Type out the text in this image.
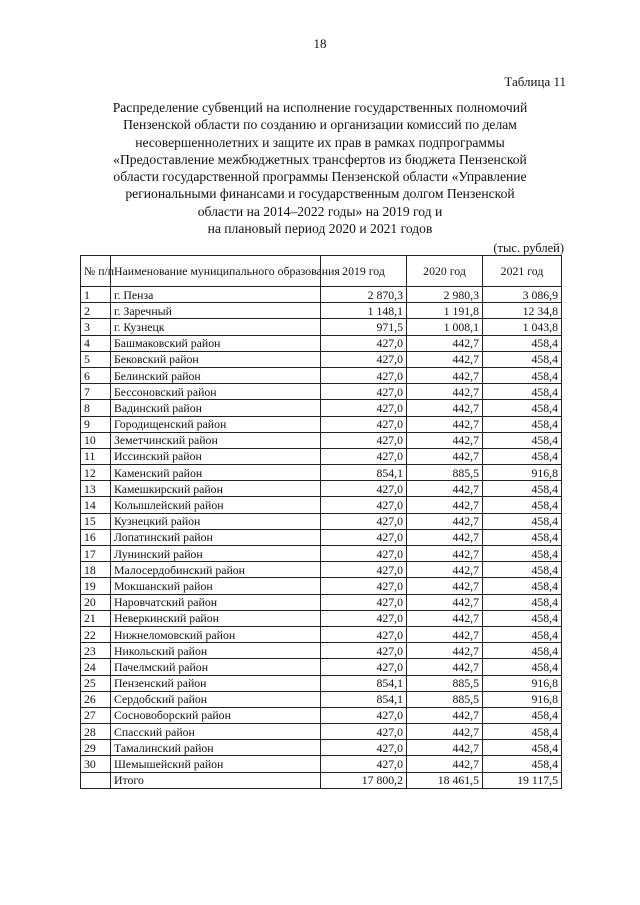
18
Таблица 11
Распределение субвенций на исполнение государственных полномочий
Пензенской области по созданию и организации комиссий по делам
несовершеннолетних и защите их прав в рамках подпрограммы
«Предоставление межбюджетных трансфертов из бюджета Пензенской
области государственной программы Пензенской области «Управление
региональными финансами и государственным долгом Пензенской
области на 2014–2022 годы» на 2019 год и
на плановый период 2020 и 2021 годов
(тыс. рублей)
№ п/п	Наименование муниципального образования	2019 год	2020 год	2021 год
1	г. Пенза	2 870,3	2 980,3	3 086,9
2	г. Заречный	1 148,1	1 191,8	12 34,8
3	г. Кузнецк	971,5	1 008,1	1 043,8
4	Башмаковский район	427,0	442,7	458,4
5	Бековский район	427,0	442,7	458,4
6	Белинский район	427,0	442,7	458,4
7	Бессоновский район	427,0	442,7	458,4
8	Вадинский район	427,0	442,7	458,4
9	Городищенский район	427,0	442,7	458,4
10	Земетчинский район	427,0	442,7	458,4
11	Иссинский район	427,0	442,7	458,4
12	Каменский район	854,1	885,5	916,8
13	Камешкирский район	427,0	442,7	458,4
14	Колышлейский район	427,0	442,7	458,4
15	Кузнецкий район	427,0	442,7	458,4
16	Лопатинский район	427,0	442,7	458,4
17	Лунинский район	427,0	442,7	458,4
18	Малосердобинский район	427,0	442,7	458,4
19	Мокшанский район	427,0	442,7	458,4
20	Наровчатский район	427,0	442,7	458,4
21	Неверкинский район	427,0	442,7	458,4
22	Нижнеломовский район	427,0	442,7	458,4
23	Никольский район	427,0	442,7	458,4
24	Пачелмский район	427,0	442,7	458,4
25	Пензенский район	854,1	885,5	916,8
26	Сердобский район	854,1	885,5	916,8
27	Сосновоборский район	427,0	442,7	458,4
28	Спасский район	427,0	442,7	458,4
29	Тамалинский район	427,0	442,7	458,4
30	Шемышейский район	427,0	442,7	458,4
	Итого	17 800,2	18 461,5	19 117,5
